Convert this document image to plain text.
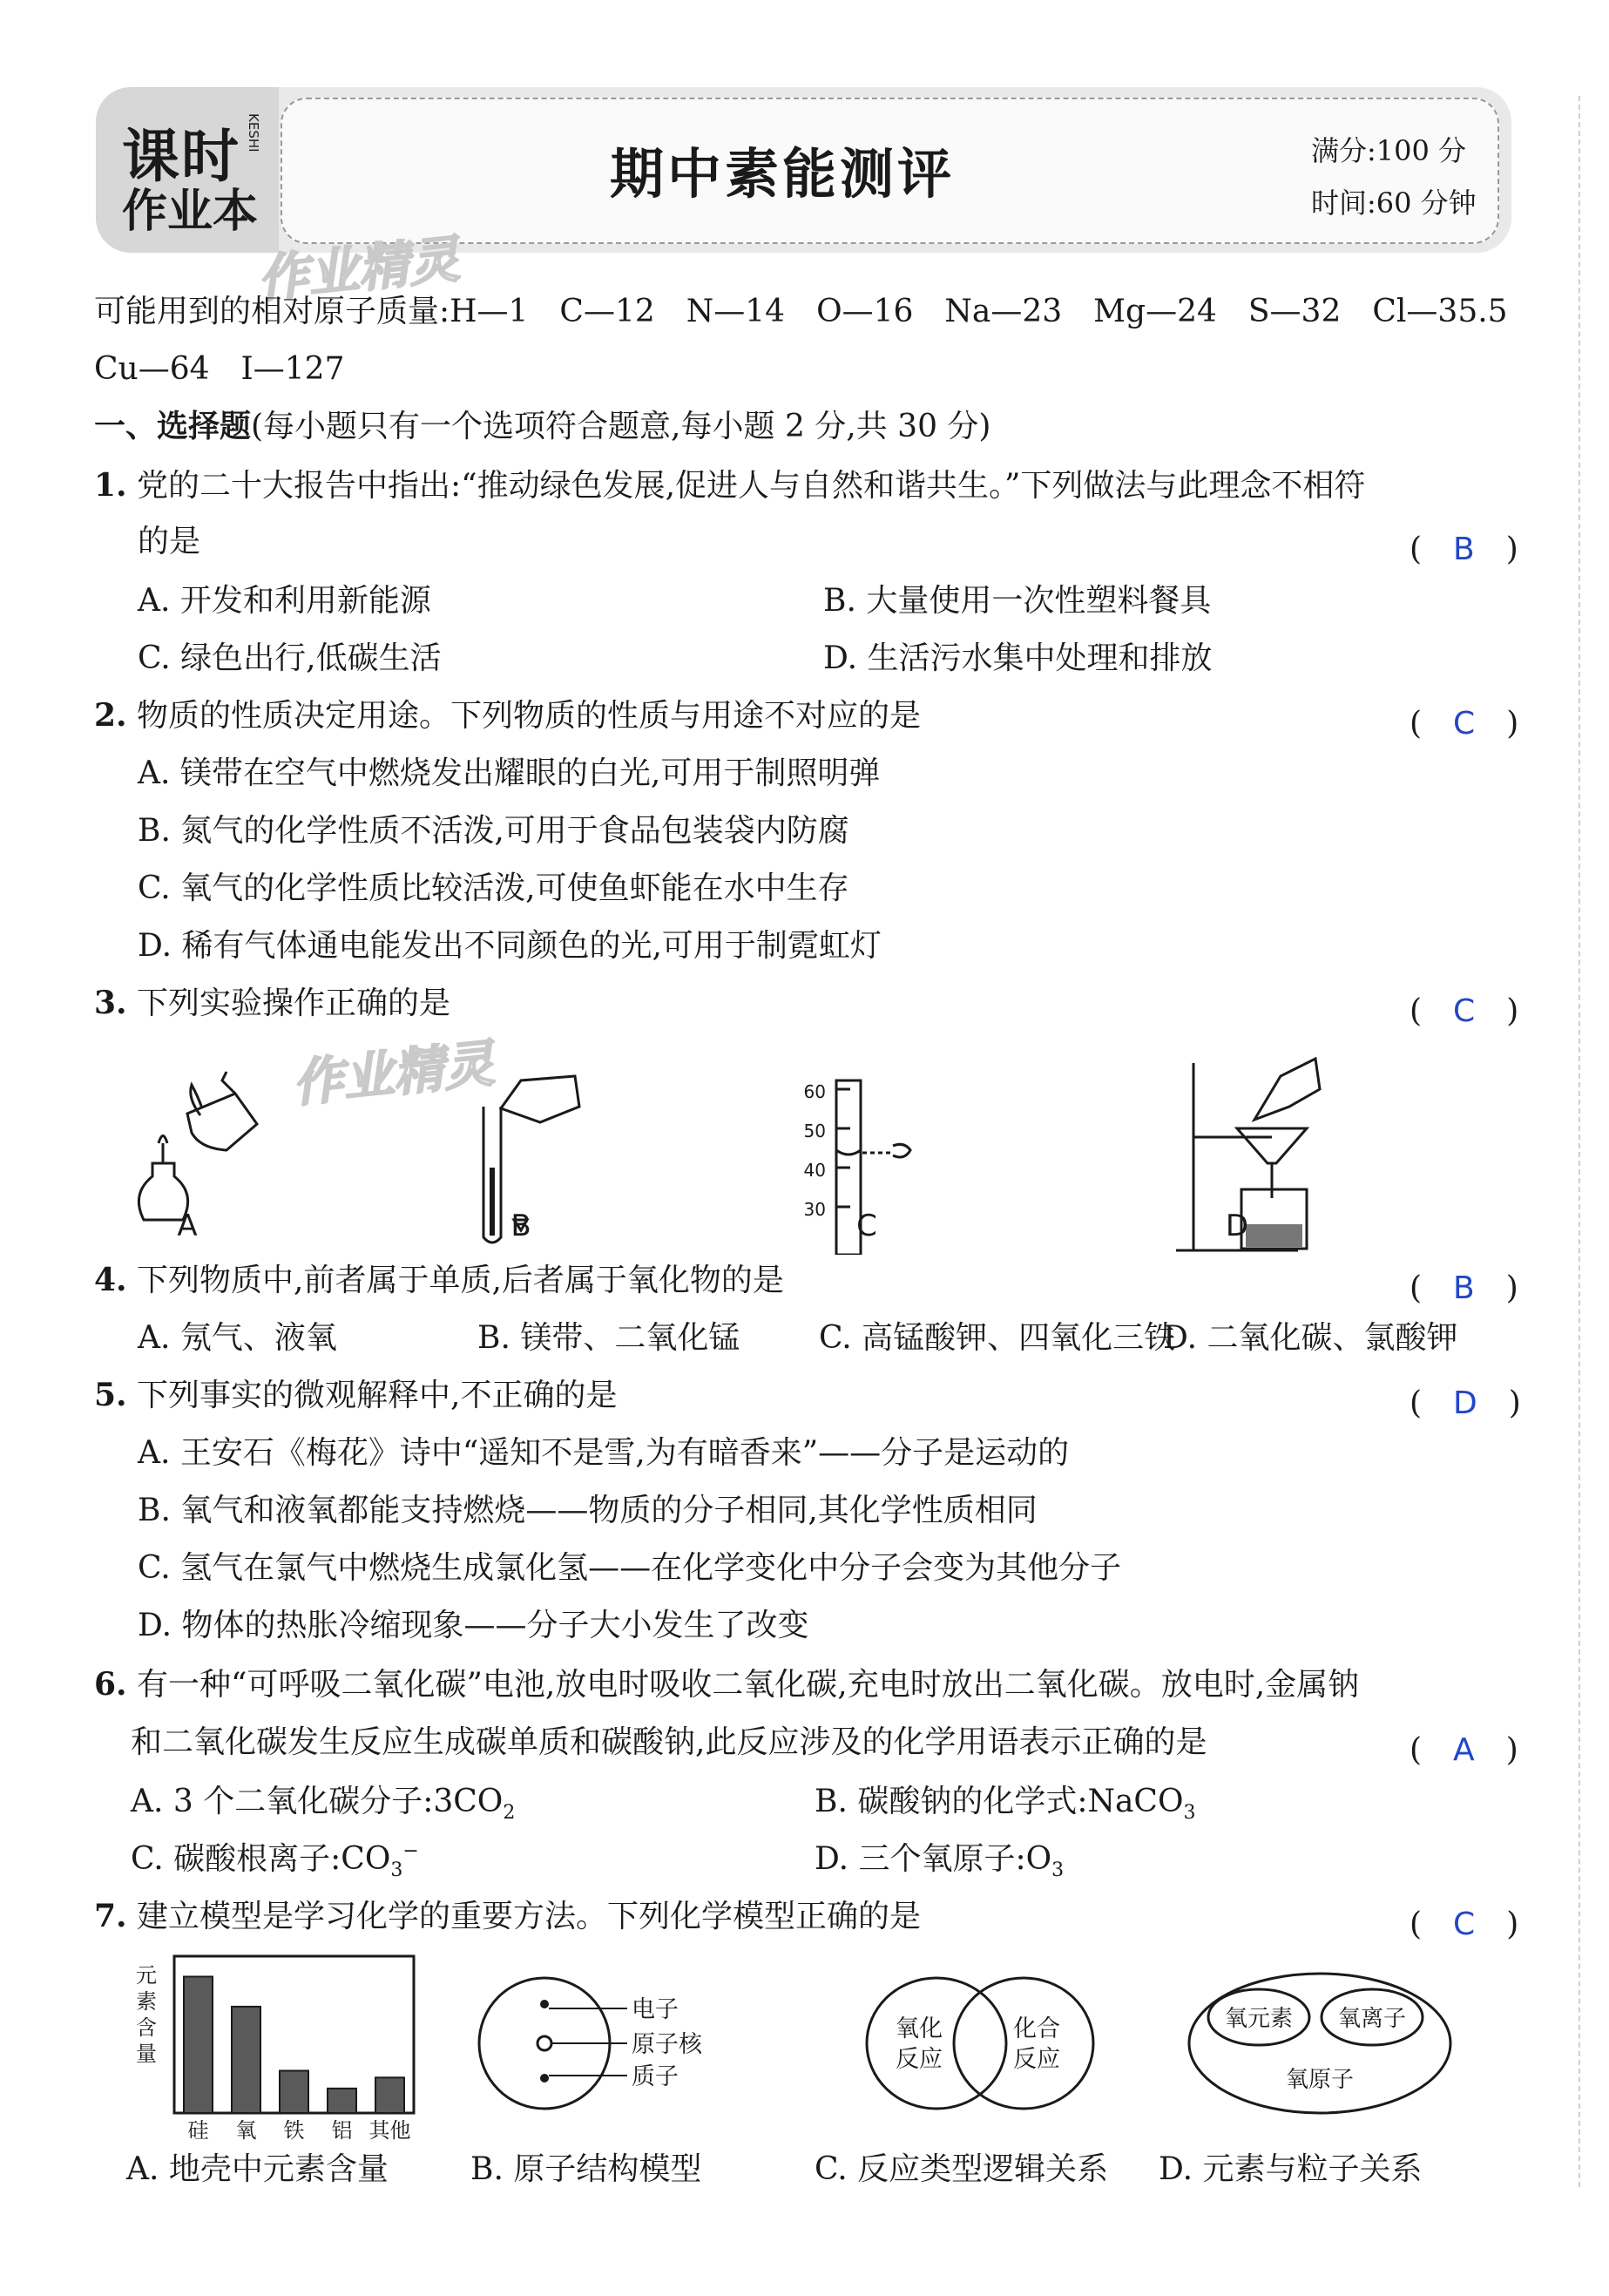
课时 KESHI
作业本
期中素能测评	满分:100 分
时间:60 分钟
作业精灵
作业精灵
可能用到的相对原子质量:H—1　C—12　N—14　O—16　Na—23　Mg—24　S—32　Cl—35.5
Cu—64　I—127
一、选择题(每小题只有一个选项符合题意,每小题 2 分,共 30 分)
1. 党的二十大报告中指出:“推动绿色发展,促进人与自然和谐共生。”下列做法与此理念不相符
的是	(　B　)
A. 开发和利用新能源	B. 大量使用一次性塑料餐具
C. 绿色出行,低碳生活	D. 生活污水集中处理和排放
2. 物质的性质决定用途。下列物质的性质与用途不对应的是	(　C　)
A. 镁带在空气中燃烧发出耀眼的白光,可用于制照明弹
B. 氮气的化学性质不活泼,可用于食品包装袋内防腐
C. 氧气的化学性质比较活泼,可使鱼虾能在水中生存
D. 稀有气体通电能发出不同颜色的光,可用于制霓虹灯
3. 下列实验操作正确的是	(　C　)
60
50
40
30
A	B	C	D
4. 下列物质中,前者属于单质,后者属于氧化物的是	(　B　)
A. 氖气、液氧	B. 镁带、二氧化锰	C. 高锰酸钾、四氧化三铁
D. 二氧化碳、氯酸钾
5. 下列事实的微观解释中,不正确的是	(　D　)
A. 王安石《梅花》诗中“遥知不是雪,为有暗香来”——分子是运动的
B. 氧气和液氧都能支持燃烧——物质的分子相同,其化学性质相同
C. 氢气在氯气中燃烧生成氯化氢——在化学变化中分子会变为其他分子
D. 物体的热胀冷缩现象——分子大小发生了改变
6. 有一种“可呼吸二氧化碳”电池,放电时吸收二氧化碳,充电时放出二氧化碳。放电时,金属钠
和二氧化碳发生反应生成碳单质和碳酸钠,此反应涉及的化学用语表示正确的是	(　A　)
A. 3 个二氧化碳分子$:3CO_2$	B. 碳酸钠的化学式:NaCO$_3$
C. 碳酸根离子$:CO_3^-$	D. 三个氧原子$:O_3$
7. 建立模型是学习化学的重要方法。下列化学模型正确的是	(　C　)
元
素
含
量
硅 氧 铁 铝 其他
电子
原子核
质子
氧化
反应
化合
反应
氧元素 氧离子
氧原子
A. 地壳中元素含量	B. 原子结构模型	C. 反应类型逻辑关系 D. 元素与粒子关系
